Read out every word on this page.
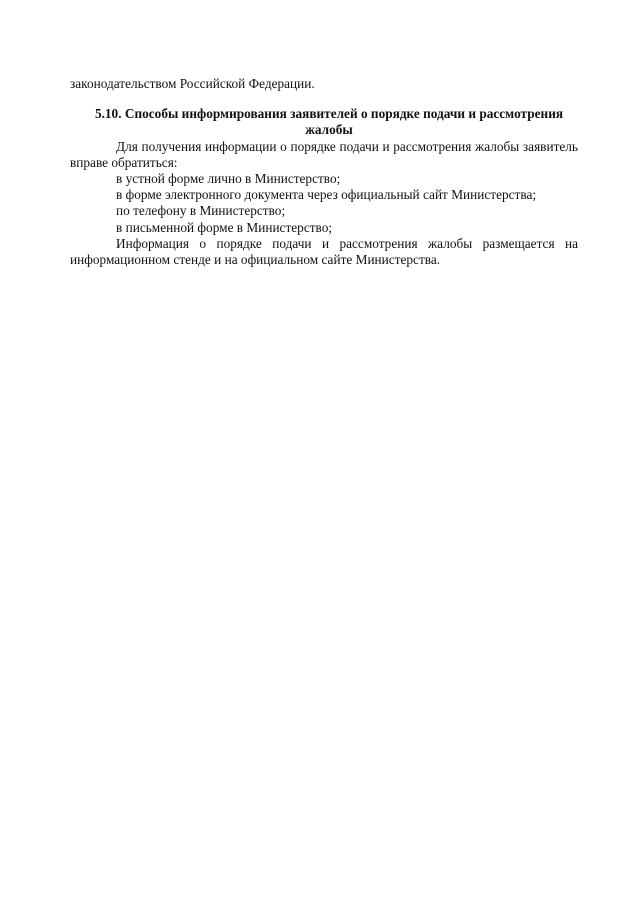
законодательством Российской Федерации.

5.10. Способы информирования заявителей о порядке подачи и рассмотрения жалобы

Для получения информации о порядке подачи и рассмотрения жалобы заявитель вправе обратиться:

в устной форме лично в Министерство;

в форме электронного документа через официальный сайт Министерства;

по телефону в Министерство;

в письменной форме в Министерство;

Информация о порядке подачи и рассмотрения жалобы размещается на информационном стенде и на официальном сайте Министерства.
